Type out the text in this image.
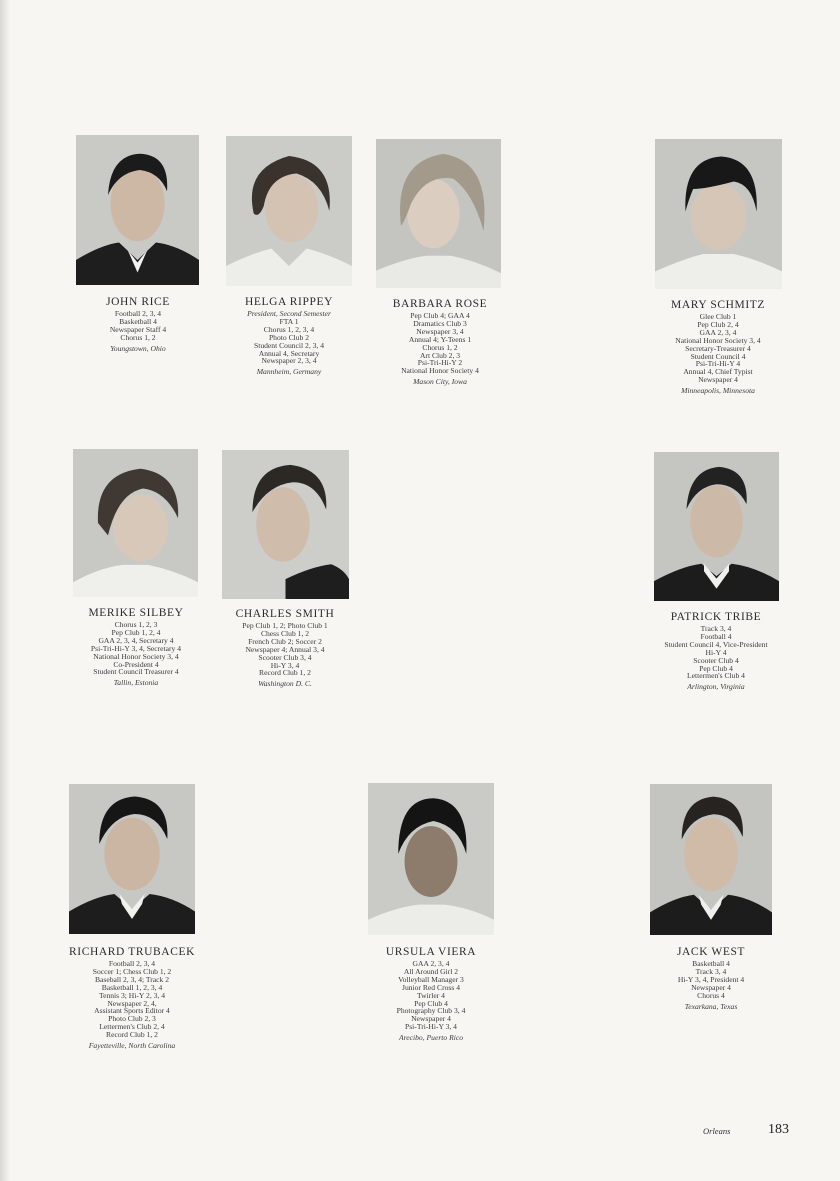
JOHN RICE
Football 2, 3, 4
Basketball 4
Newspaper Staff 4
Chorus 1, 2
Youngstown, Ohio
HELGA RIPPEY
President, Second Semester
FTA 1
Chorus 1, 2, 3, 4
Photo Club 2
Student Council 2, 3, 4
Annual 4, Secretary
Newspaper 2, 3, 4
Mannheim, Germany
BARBARA ROSE
Pep Club 4; GAA 4
Dramatics Club 3
Newspaper 3, 4
Annual 4; Y-Teens 1
Chorus 1, 2
Art Club 2, 3
Psi-Tri-Hi-Y 2
National Honor Society 4
Mason City, Iowa
MARY SCHMITZ
Glee Club 1
Pep Club 2, 4
GAA 2, 3, 4
National Honor Society 3, 4
Secretary-Treasurer 4
Student Council 4
Psi-Tri-Hi-Y 4
Annual 4, Chief Typist
Newspaper 4
Minneapolis, Minnesota
MERIKE SILBEY
Chorus 1, 2, 3
Pep Club 1, 2, 4
GAA 2, 3, 4, Secretary 4
Psi-Tri-Hi-Y 3, 4, Secretary 4
National Honor Society 3, 4
Co-President 4
Student Council Treasurer 4
Tallin, Estonia
CHARLES SMITH
Pep Club 1, 2; Photo Club 1
Chess Club 1, 2
French Club 2; Soccer 2
Newspaper 4; Annual 3, 4
Scooter Club 3, 4
Hi-Y 3, 4
Record Club 1, 2
Washington D. C.
PATRICK TRIBE
Track 3, 4
Football 4
Student Council 4, Vice-President
Hi-Y 4
Scooter Club 4
Pep Club 4
Lettermen's Club 4
Arlington, Virginia
RICHARD TRUBACEK
Football 2, 3, 4
Soccer 1; Chess Club 1, 2
Baseball 2, 3, 4; Track 2
Basketball 1, 2, 3, 4
Tennis 3; Hi-Y 2, 3, 4
Newspaper 2, 4,
Assistant Sports Editor 4
Photo Club 2, 3
Lettermen's Club 2, 4
Record Club 1, 2
Fayetteville, North Carolina
URSULA VIERA
GAA 2, 3, 4
All Around Girl 2
Volleyball Manager 3
Junior Red Cross 4
Twirler 4
Pep Club 4
Photography Club 3, 4
Newspaper 4
Psi-Tri-Hi-Y 3, 4
Arecibo, Puerto Rico
JACK WEST
Basketball 4
Track 3, 4
Hi-Y 3, 4, President 4
Newspaper 4
Chorus 4
Texarkana, Texas
Orleans	183
